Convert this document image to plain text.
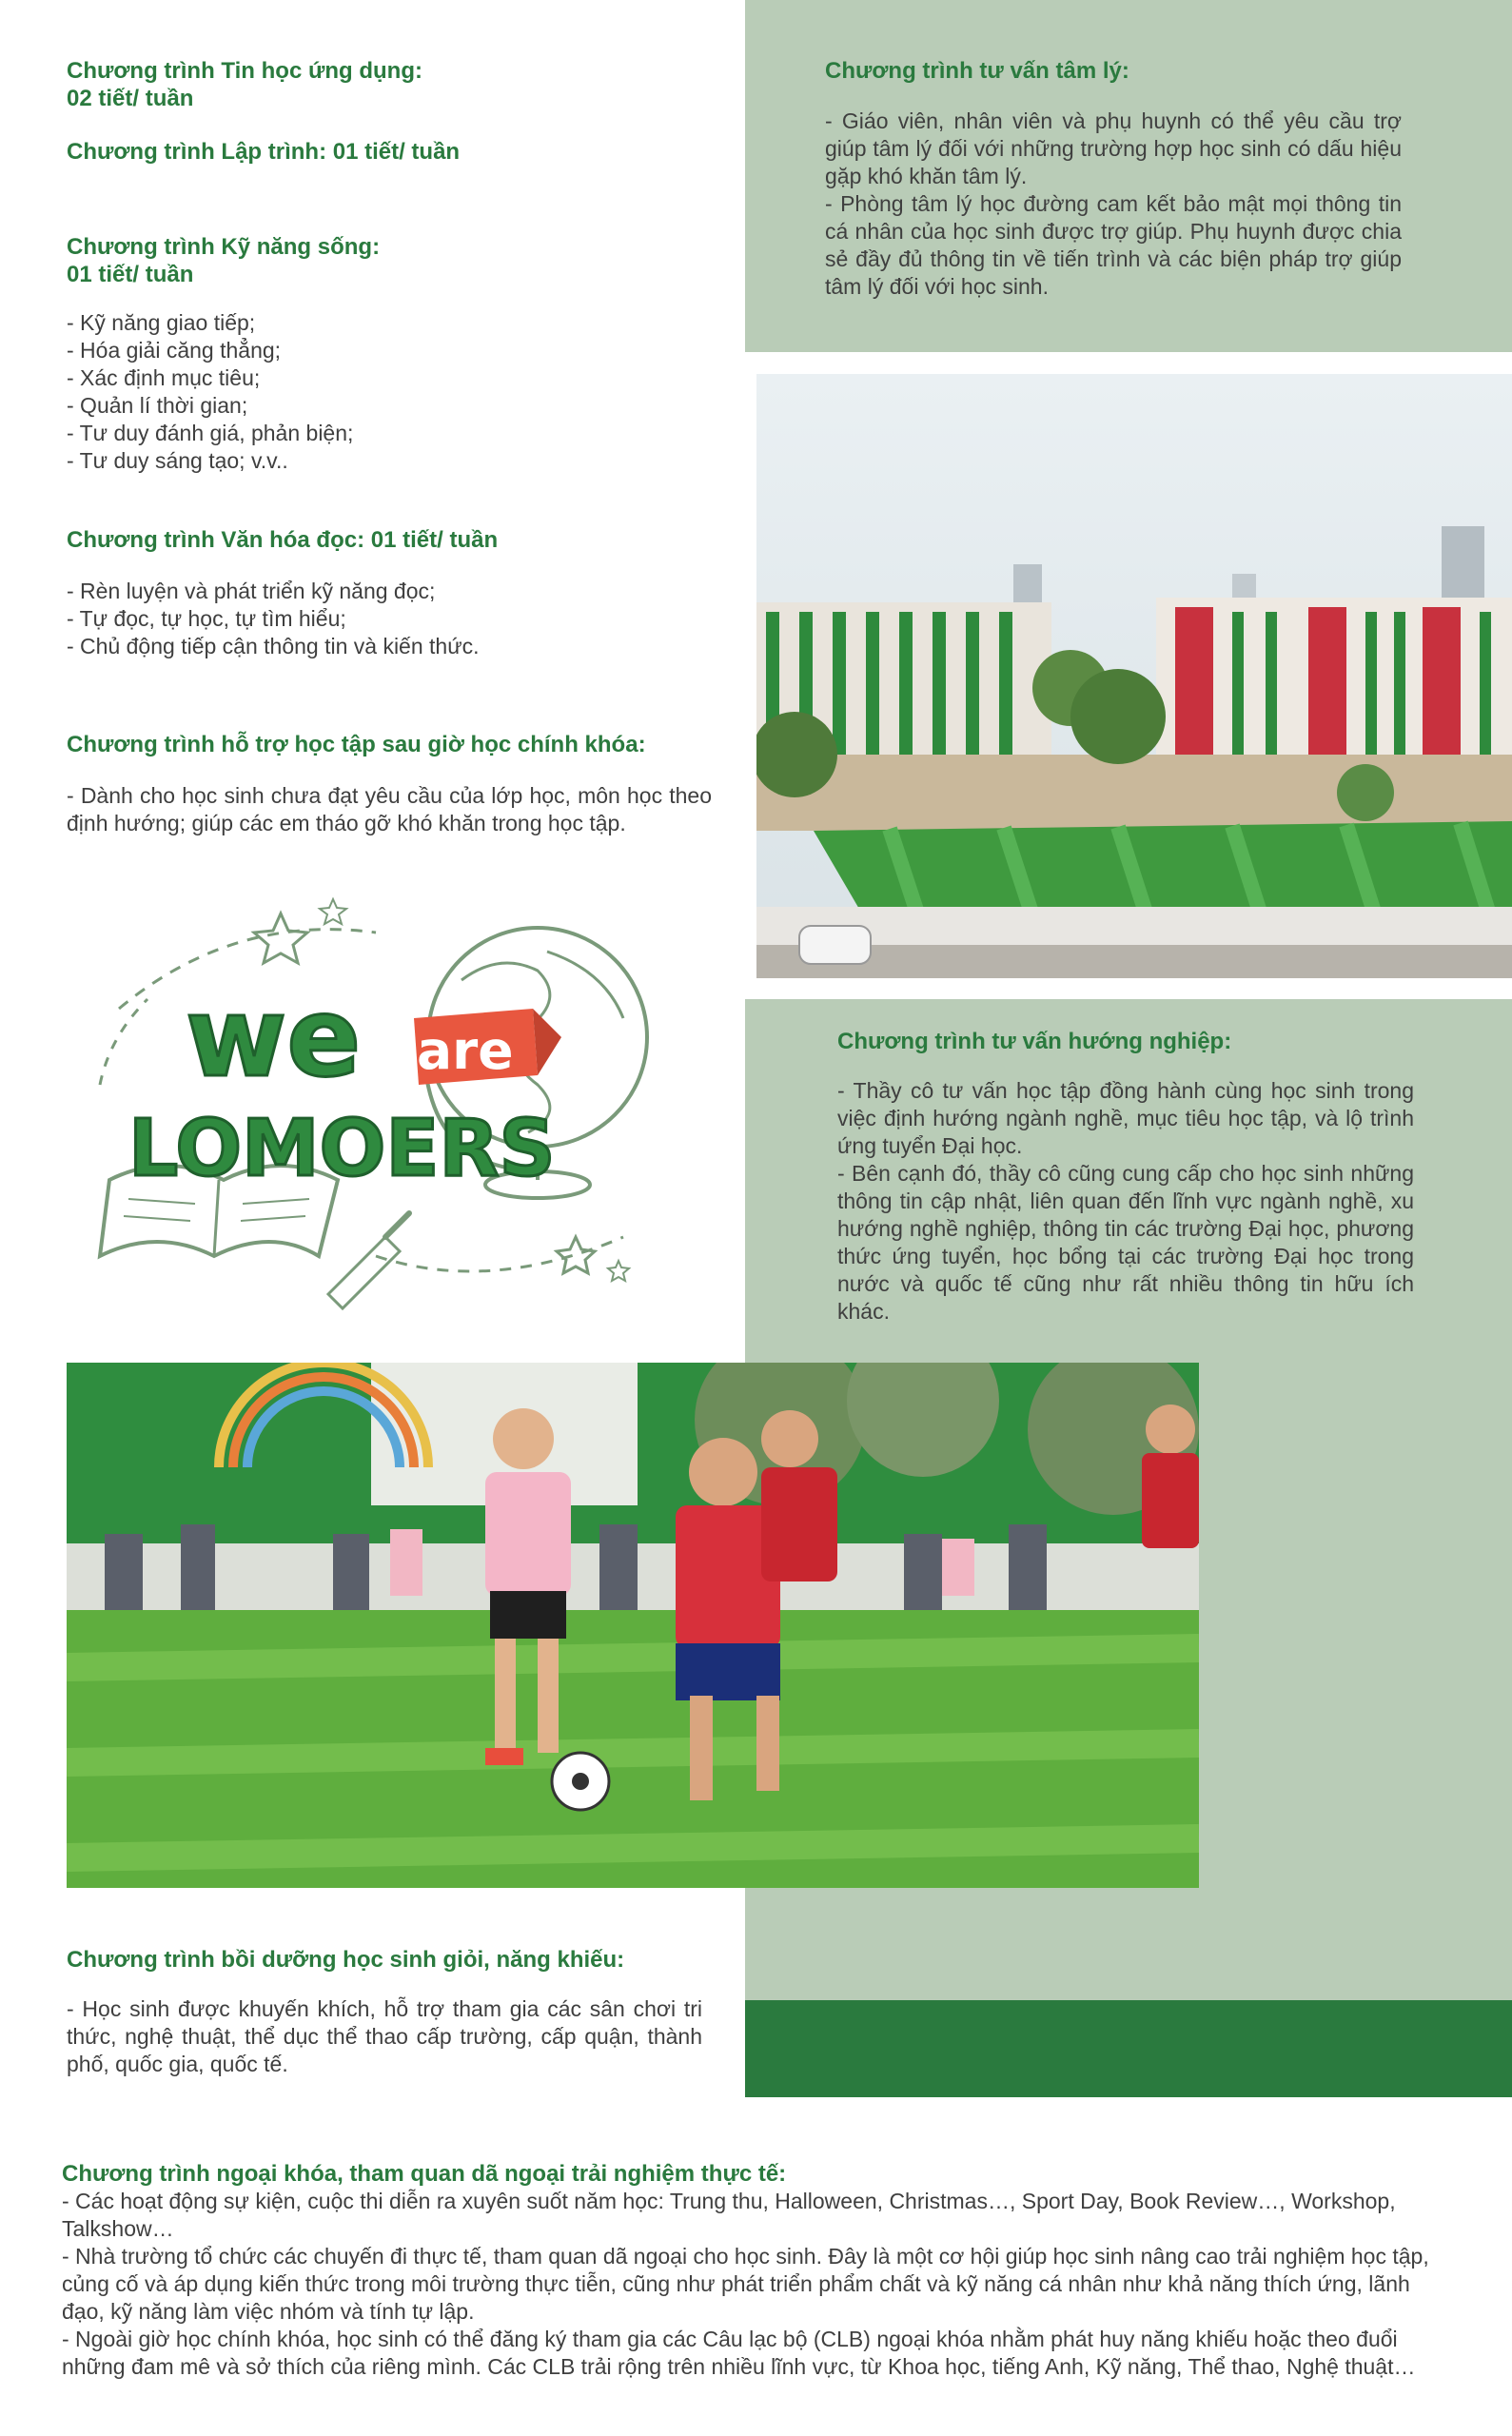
Chương trình Tin học ứng dụng:
02 tiết/ tuần
Chương trình Lập trình: 01 tiết/ tuần
Chương trình Kỹ năng sống:
01 tiết/ tuần

- Kỹ năng giao tiếp;

- Hóa giải căng thẳng;

- Xác định mục tiêu;

- Quản lí thời gian;

- Tư duy đánh giá, phản biện;

- Tư duy sáng tạo; v.v..

Chương trình Văn hóa đọc: 01 tiết/ tuần

- Rèn luyện và phát triển kỹ năng đọc;

- Tự đọc, tự học, tự tìm hiểu;

- Chủ động tiếp cận thông tin và kiến thức.

Chương trình hỗ trợ học tập sau giờ học chính khóa:
- Dành cho học sinh chưa đạt yêu cầu của lớp học, môn học theo định hướng; giúp các em tháo gỡ khó khăn trong học tập.
we are
LOMOERS
Chương trình bồi dưỡng học sinh giỏi, năng khiếu:
- Học sinh được khuyến khích, hỗ trợ tham gia các sân chơi tri thức, nghệ thuật, thể dục thể thao cấp trường, cấp quận, thành phố, quốc gia, quốc tế.
Chương trình tư vấn tâm lý:

- Giáo viên, nhân viên và phụ huynh có thể yêu cầu trợ giúp tâm lý đối với những trường hợp học sinh có dấu hiệu gặp khó khăn tâm lý.

- Phòng tâm lý học đường cam kết bảo mật mọi thông tin cá nhân của học sinh được trợ giúp. Phụ huynh được chia sẻ đầy đủ thông tin về tiến trình và các biện pháp trợ giúp tâm lý đối với học sinh.

Chương trình tư vấn hướng nghiệp:

- Thầy cô tư vấn học tập đồng hành cùng học sinh trong việc định hướng ngành nghề, mục tiêu học tập, và lộ trình ứng tuyển Đại học.

- Bên cạnh đó, thầy cô cũng cung cấp cho học sinh những thông tin cập nhật, liên quan đến lĩnh vực ngành nghề, xu hướng nghề nghiệp, thông tin các trường Đại học, phương thức ứng tuyển, học bổng tại các trường Đại học trong nước và quốc tế cũng như rất nhiều thông tin hữu ích khác.

Chương trình ngoại khóa, tham quan dã ngoại trải nghiệm thực tế:

- Các hoạt động sự kiện, cuộc thi diễn ra xuyên suốt năm học: Trung thu, Halloween, Christmas…, Sport Day, Book Review…, Workshop, Talkshow…

- Nhà trường tổ chức các chuyến đi thực tế, tham quan dã ngoại cho học sinh. Đây là một cơ hội giúp học sinh nâng cao trải nghiệm học tập, củng cố và áp dụng kiến thức trong môi trường thực tiễn, cũng như phát triển phẩm chất và kỹ năng cá nhân như khả năng thích ứng, lãnh đạo, kỹ năng làm việc nhóm và tính tự lập.

- Ngoài giờ học chính khóa, học sinh có thể đăng ký tham gia các Câu lạc bộ (CLB) ngoại khóa nhằm phát huy năng khiếu hoặc theo đuổi những đam mê và sở thích của riêng mình. Các CLB trải rộng trên nhiều lĩnh vực, từ Khoa học, tiếng Anh, Kỹ năng, Thể thao, Nghệ thuật…
